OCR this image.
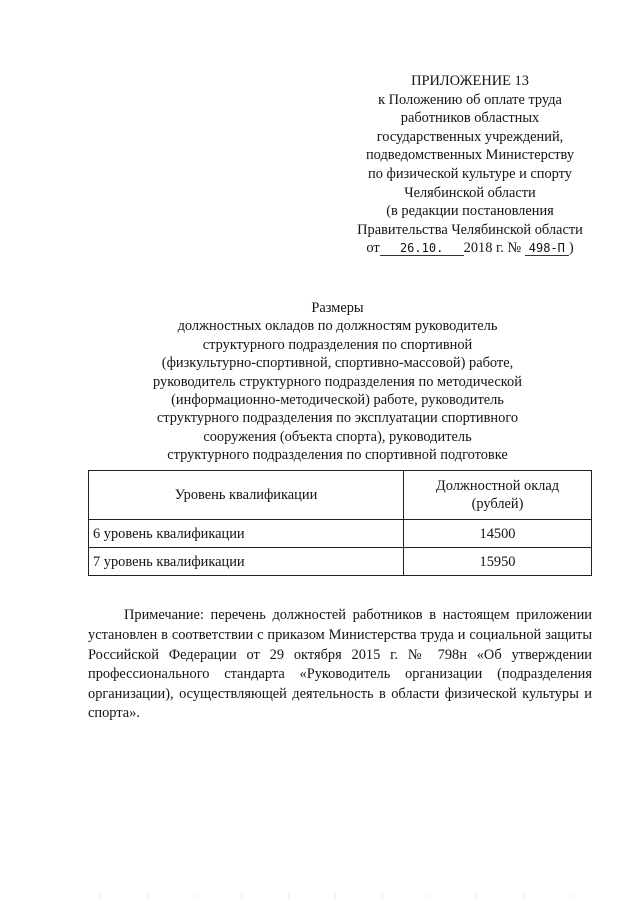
ПРИЛОЖЕНИЕ 13
к Положению об оплате труда
работников областных
государственных учреждений,
подведомственных Министерству
по физической культуре и спорту
Челябинской области
(в редакции постановления
Правительства Челябинской области
от 26.10. 2018 г. № 498-П )
Размеры
должностных окладов по должностям руководитель
структурного подразделения по спортивной
(физкультурно-спортивной, спортивно-массовой) работе,
руководитель структурного подразделения по методической
(информационно-методической) работе, руководитель
структурного подразделения по эксплуатации спортивного
сооружения (объекта спорта), руководитель
структурного подразделения по спортивной подготовке
Уровень квалификации	Должностной оклад
(рублей)
6 уровень квалификации	14500
7 уровень квалификации	15950

Примечание: перечень должностей работников в настоящем приложении установлен в соответствии с приказом Министерства труда и социальной защиты Российской Федерации от 29 октября 2015 г. № 798н «Об утверждении профессионального стандарта «Руководитель организации (подразделения организации), осуществляющей деятельность в области физической культуры и спорта».
